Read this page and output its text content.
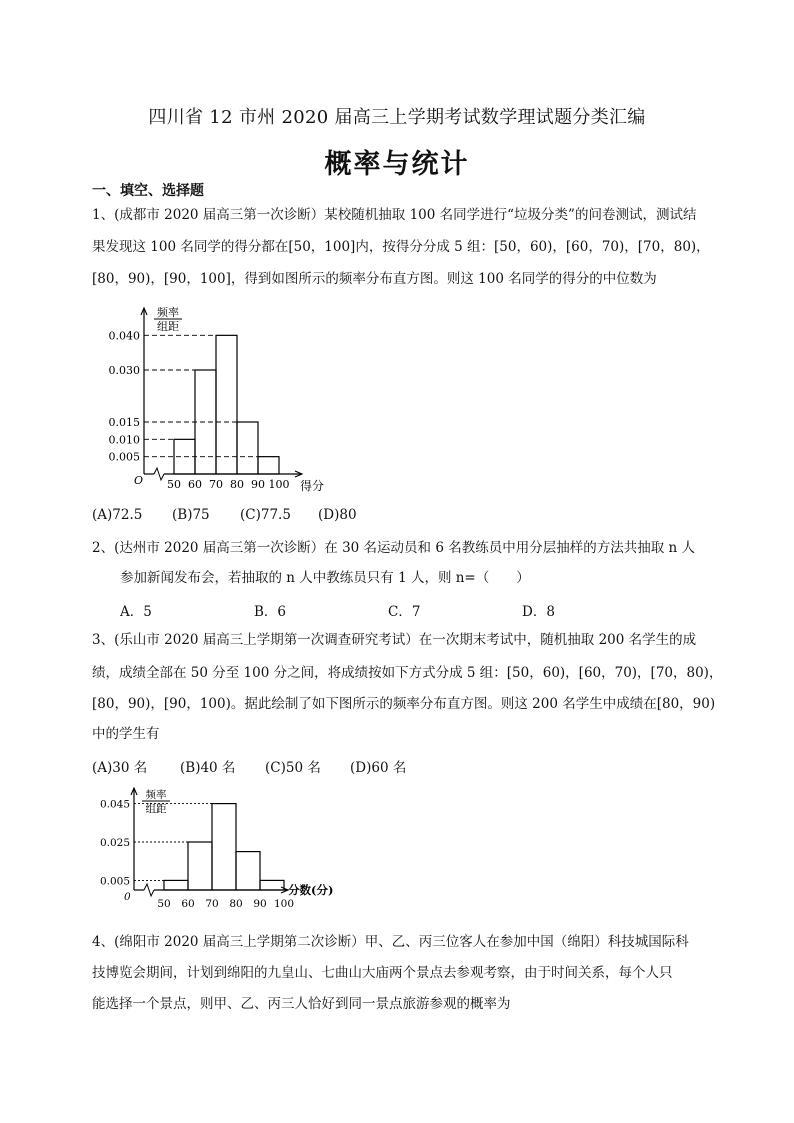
四川省 12 市州 2020 届高三上学期考试数学理试题分类汇编
概率与统计
一、填空、选择题
1、(成都市 2020 届高三第一次诊断）某校随机抽取 100 名同学进行“垃圾分类”的问卷测试，测试结
果发现这 100 名同学的得分都在[50，100]内，按得分分成 5 组：[50，60)，[60，70)，[70，80)，
[80，90)，[90，100]，得到如图所示的频率分布直方图。则这 100 名同学的得分的中位数为
频率
组距
O
0.040
0.030
0.015
0.010
0.005
50 60 70 80 90 100 得分
(A)72.5 (B)75 (C)77.5 (D)80
2、(达州市 2020 届高三第一次诊断）在 30 名运动员和 6 名教练员中用分层抽样的方法共抽取 n 人
参加新闻发布会，若抽取的 n 人中教练员只有 1 人，则 n=（　　）
A．5	B．6	C．7	D．8
3、(乐山市 2020 届高三上学期第一次调查研究考试）在一次期末考试中，随机抽取 200 名学生的成
绩，成绩全部在 50 分至 100 分之间，将成绩按如下方式分成 5 组：[50，60)，[60，70)，[70，80)，
[80，90)，[90，100)。据此绘制了如下图所示的频率分布直方图。则这 200 名学生中成绩在[80，90)
中的学生有
(A)30 名 (B)40 名 (C)50 名 (D)60 名
频率
组距
0
0.045
0.025
0.005
50 60 70 80 90 100
分数(分)
4、(绵阳市 2020 届高三上学期第二次诊断）甲、乙、丙三位客人在参加中国（绵阳）科技城国际科
技博览会期间，计划到绵阳的九皇山、七曲山大庙两个景点去参观考察，由于时间关系，每个人只
能选择一个景点，则甲、乙、丙三人恰好到同一景点旅游参观的概率为
